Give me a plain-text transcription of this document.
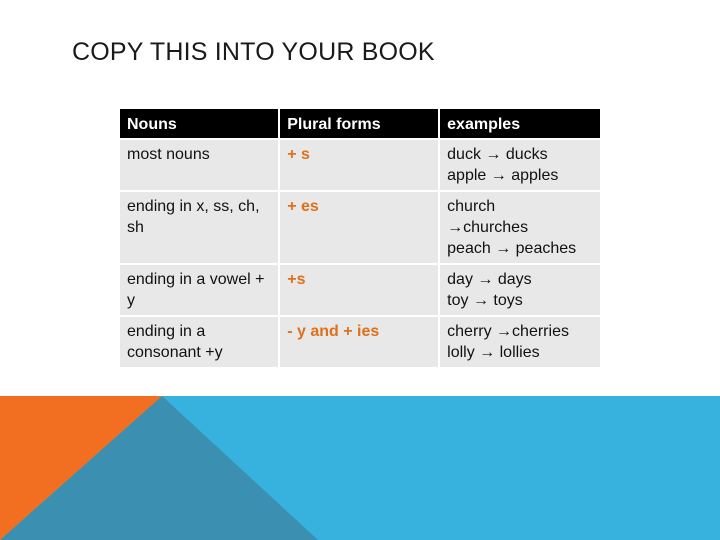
COPY THIS INTO YOUR BOOK
Nouns	Plural forms	examples
most nouns	+ s	duck → ducks
apple → apples

ending in x, ss, ch, sh	+ es	church
→churches
peach → peaches

ending in a vowel + y	+s	day → days
toy → toys

ending in a consonant +y	- y and + ies	cherry →cherries
lolly → lollies
